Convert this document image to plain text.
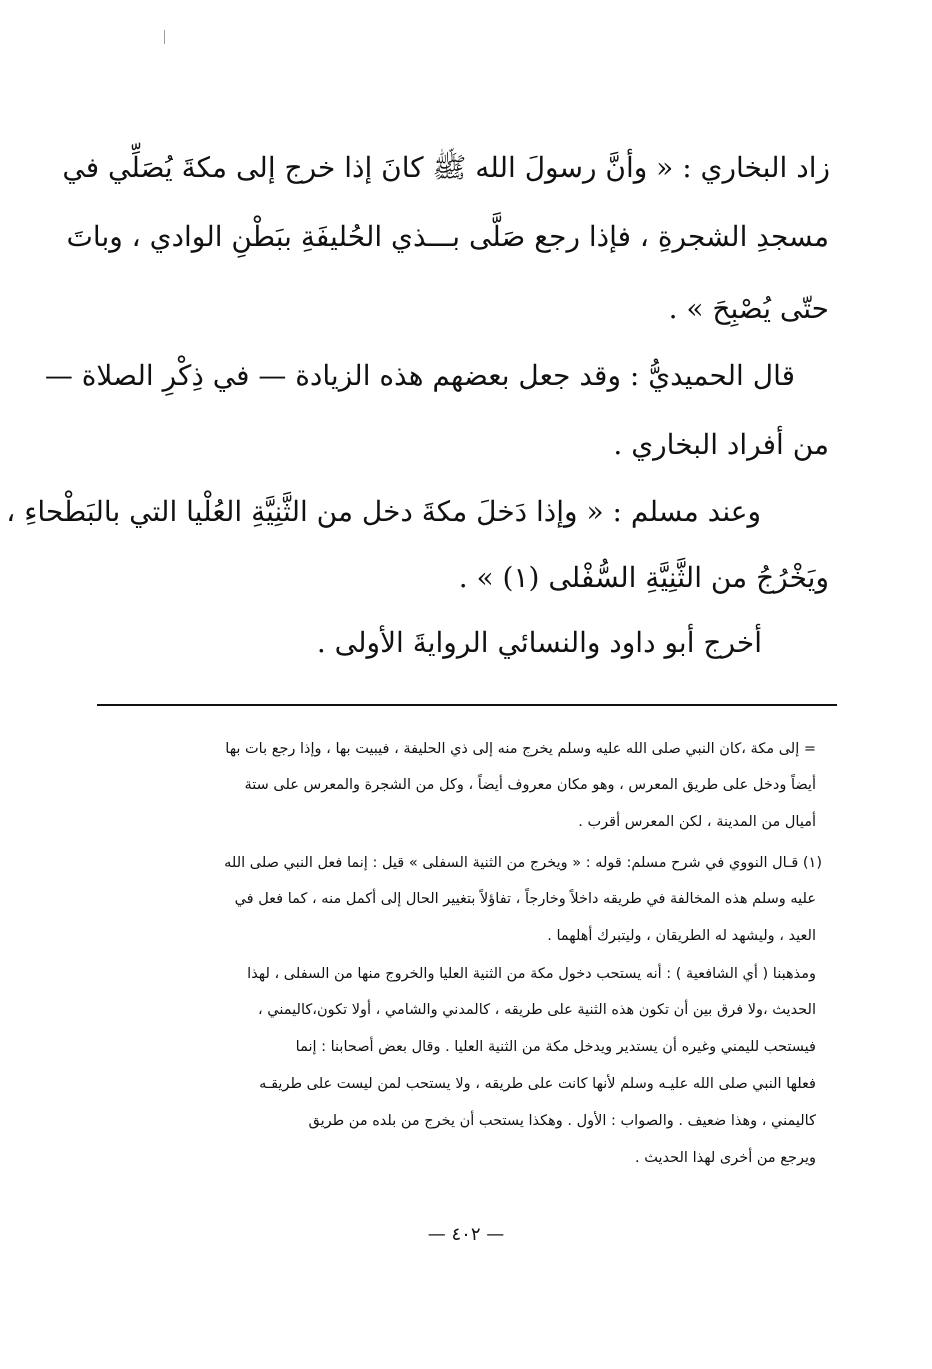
زاد البخاري : « وأنَّ رسولَ الله ﷺ كانَ إذا خرج إلى مكةَ يُصَلِّي في
مسجدِ الشجرةِ ، فإذا رجع صَلَّى بـــذي الحُليفَةِ ببَطْنِ الوادي ، وباتَ
حتّى يُصْبِحَ » .
قال الحميديُّ : وقد جعل بعضهم هذه الزيادة — في ذِكْرِ الصلاة —
من أفراد البخاري .
وعند مسلم : « وإذا دَخلَ مكةَ دخل من الثَّنِيَّةِ العُلْيا التي بالبَطْحاءِ ،
ويَخْرُجُ من الثَّنِيَّةِ السُّفْلى (١) » .
أخرج أبو داود والنسائي الروايةَ الأولى .
= إلى مكة ،كان النبي صلى الله عليه وسلم يخرج منه إلى ذي الحليفة ، فيبيت بها ، وإذا رجع بات بها
أيضاً ودخل على طريق المعرس ، وهو مكان معروف أيضاً ، وكل من الشجرة والمعرس على ستة
أميال من المدينة ، لكن المعرس أقرب .
(١) قـال النووي في شرح مسلم: قوله : « ويخرج من الثنية السفلى » قيل : إنما فعل النبي صلى الله
عليه وسلم هذه المخالفة في طريقه داخلاً وخارجاً ، تفاؤلاً بتغيير الحال إلى أكمل منه ، كما فعل في
العيد ، وليشهد له الطريقان ، وليتبرك أهلهما .
ومذهبنا ( أي الشافعية ) : أنه يستحب دخول مكة من الثنية العليا والخروج منها من السفلى ، لهذا
الحديث ،ولا فرق بين أن تكون هذه الثنية على طريقه ، كالمدني والشامي ، أولا تكون،كاليمني ،
فيستحب لليمني وغيره أن يستدير ويدخل مكة من الثنية العليا . وقال بعض أصحابنا : إنما
فعلها النبي صلى الله عليـه وسلم لأنها كانت على طريقه ، ولا يستحب لمن ليست على طريقـه
كاليمني ، وهذا ضعيف . والصواب : الأول . وهكذا يستحب أن يخرج من بلده من طريق
ويرجع من أخرى لهذا الحديث .
— ٤٠٢ —
